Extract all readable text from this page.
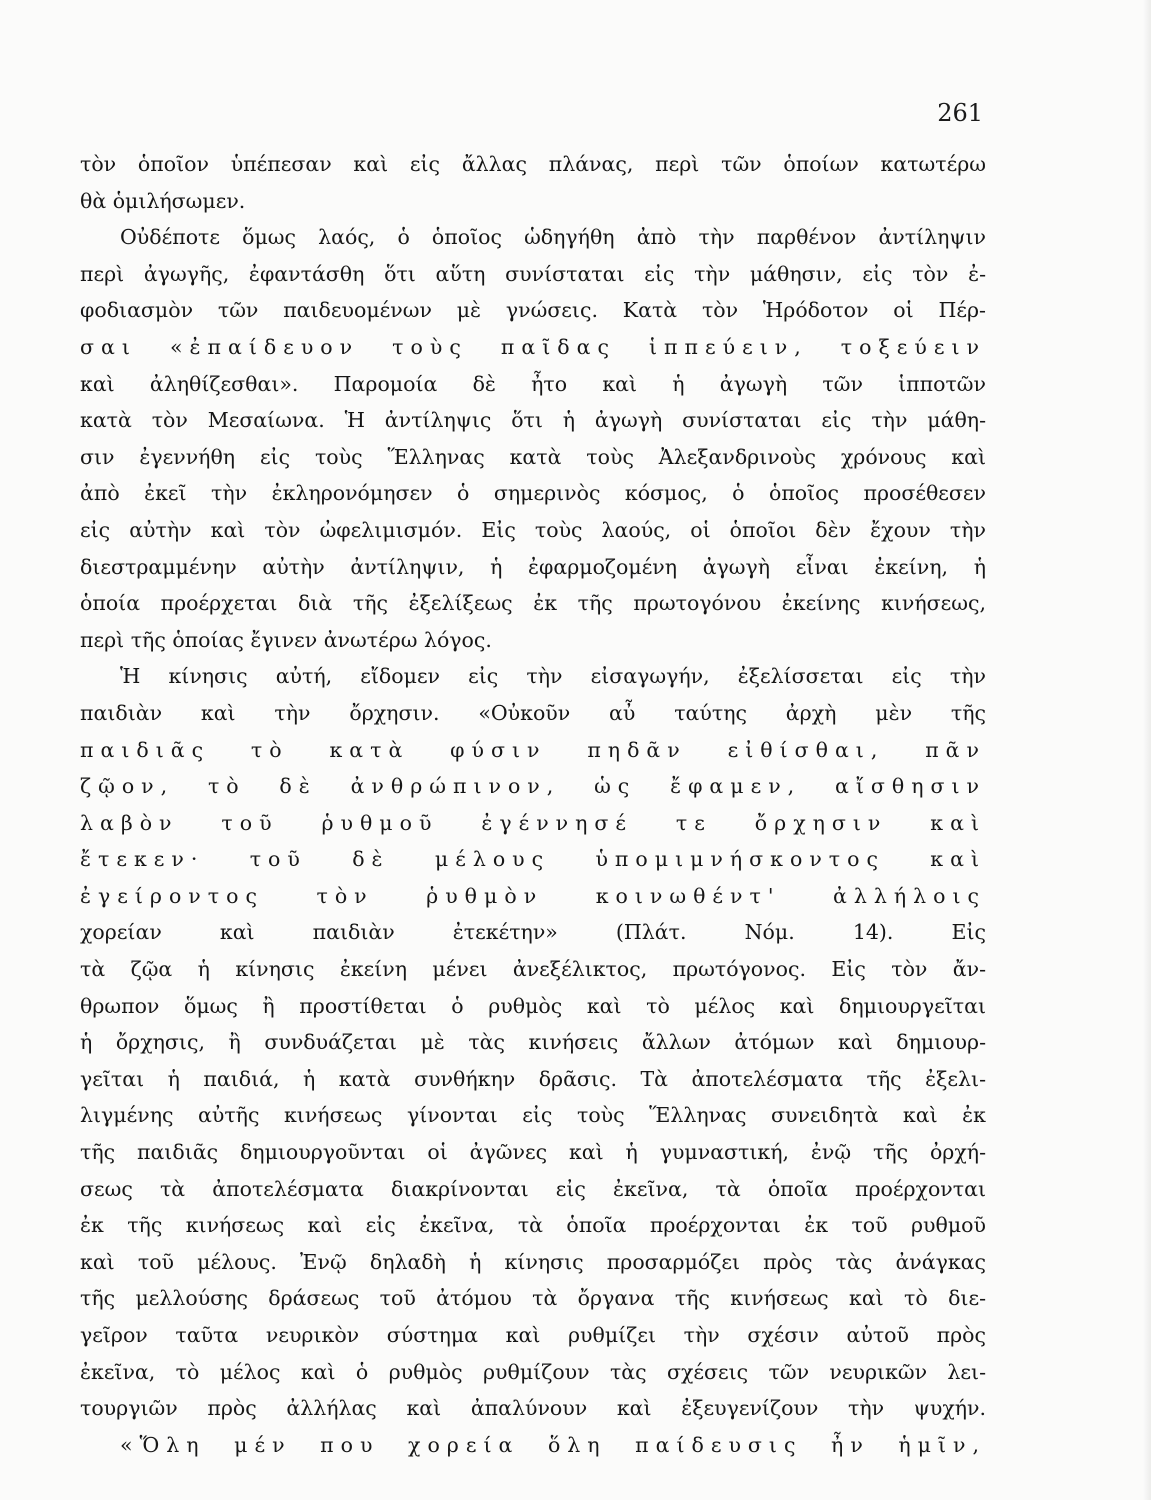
261
τὸν ὁποῖον ὑπέπεσαν καὶ εἰς ἄλλας πλάνας, περὶ τῶν ὁποίων κατωτέρω
θὰ ὁμιλήσωμεν.
Οὐδέποτε ὅμως λαός, ὁ ὁποῖος ὡδηγήθη ἀπὸ τὴν παρθένον ἀντίληψιν
περὶ ἀγωγῆς, ἐφαντάσθη ὅτι αὕτη συνίσταται εἰς τὴν μάθησιν, εἰς τὸν ἐ-
φοδιασμὸν τῶν παιδευομένων μὲ γνώσεις. Κατὰ τὸν Ἡρόδοτον οἱ Πέρ-
σαι «ἐπαίδευον τοὺς παῖδας ἱππεύειν, τοξεύειν
καὶ ἀληθίζεσθαι». Παρομοία δὲ ἦτο καὶ ἡ ἀγωγὴ τῶν ἱπποτῶν
κατὰ τὸν Μεσαίωνα. Ἡ ἀντίληψις ὅτι ἡ ἀγωγὴ συνίσταται εἰς τὴν μάθη-
σιν ἐγεννήθη εἰς τοὺς Ἕλληνας κατὰ τοὺς Ἀλεξανδρινοὺς χρόνους καὶ
ἀπὸ ἐκεῖ τὴν ἐκληρονόμησεν ὁ σημερινὸς κόσμος, ὁ ὁποῖος προσέθεσεν
εἰς αὐτὴν καὶ τὸν ὠφελιμισμόν. Εἰς τοὺς λαούς, οἱ ὁποῖοι δὲν ἔχουν τὴν
διεστραμμένην αὐτὴν ἀντίληψιν, ἡ ἐφαρμοζομένη ἀγωγὴ εἶναι ἐκείνη, ἡ
ὁποία προέρχεται διὰ τῆς ἐξελίξεως ἐκ τῆς πρωτογόνου ἐκείνης κινήσεως,
περὶ τῆς ὁποίας ἔγινεν ἀνωτέρω λόγος.
Ἡ κίνησις αὐτή, εἴδομεν εἰς τὴν εἰσαγωγήν, ἐξελίσσεται εἰς τὴν
παιδιὰν καὶ τὴν ὄρχησιν. «Οὐκοῦν αὖ ταύτης ἀρχὴ μὲν τῆς
παιδιᾶς τὸ κατὰ φύσιν πηδᾶν εἰθίσθαι, πᾶν
ζῷον, τὸ δὲ ἀνθρώπινον, ὡς ἔφαμεν, αἴσθησιν
λαβὸν τοῦ ῥυθμοῦ ἐγέννησέ τε ὄρχησιν καὶ
ἔτεκεν· τοῦ δὲ μέλους ὑπομιμνήσκοντος καὶ
ἐγείροντος τὸν ῥυθμὸν κοινωθέντ' ἀλλήλοις
χορείαν καὶ παιδιὰν ἐτεκέτην» (Πλάτ. Νόμ. 14). Εἰς
τὰ ζῷα ἡ κίνησις ἐκείνη μένει ἀνεξέλικτος, πρωτόγονος. Εἰς τὸν ἄν-
θρωπον ὅμως ἢ προστίθεται ὁ ρυθμὸς καὶ τὸ μέλος καὶ δημιουργεῖται
ἡ ὄρχησις, ἢ συνδυάζεται μὲ τὰς κινήσεις ἄλλων ἀτόμων καὶ δημιουρ-
γεῖται ἡ παιδιά, ἡ κατὰ συνθήκην δρᾶσις. Τὰ ἀποτελέσματα τῆς ἐξελι-
λιγμένης αὐτῆς κινήσεως γίνονται εἰς τοὺς Ἕλληνας συνειδητὰ καὶ ἐκ
τῆς παιδιᾶς δημιουργοῦνται οἱ ἀγῶνες καὶ ἡ γυμναστική, ἐνῷ τῆς ὀρχή-
σεως τὰ ἀποτελέσματα διακρίνονται εἰς ἐκεῖνα, τὰ ὁποῖα προέρχονται
ἐκ τῆς κινήσεως καὶ εἰς ἐκεῖνα, τὰ ὁποῖα προέρχονται ἐκ τοῦ ρυθμοῦ
καὶ τοῦ μέλους. Ἐνῷ δηλαδὴ ἡ κίνησις προσαρμόζει πρὸς τὰς ἀνάγκας
τῆς μελλούσης δράσεως τοῦ ἀτόμου τὰ ὄργανα τῆς κινήσεως καὶ τὸ διε-
γεῖρον ταῦτα νευρικὸν σύστημα καὶ ρυθμίζει τὴν σχέσιν αὐτοῦ πρὸς
ἐκεῖνα, τὸ μέλος καὶ ὁ ρυθμὸς ρυθμίζουν τὰς σχέσεις τῶν νευρικῶν λει-
τουργιῶν πρὸς ἀλλήλας καὶ ἀπαλύνουν καὶ ἐξευγενίζουν τὴν ψυχήν.
«Ὅλη μέν που χορεία ὅλη παίδευσις ἦν ἡμῖν,
